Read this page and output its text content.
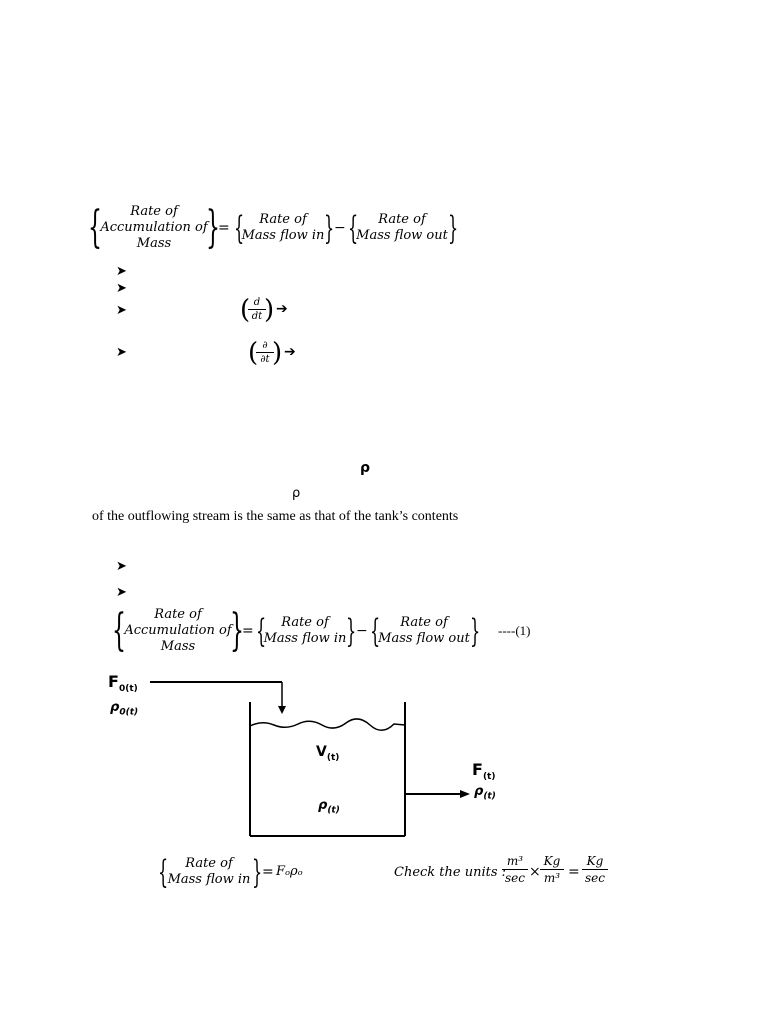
{	Rate of
Accumulation of
Mass }
= {	Rate of
Mass flow in } − {	Rate of
Mass flow out }
➤
➤
➤	( d
dt ) ➔
➤	( ∂
∂t ) ➔
ρ
ρ
of the outflowing stream is the same as that of the tank’s contents
➤
➤
{	Rate of
Accumulation of
Mass }
= {	Rate of
Mass flow in } − {	Rate of
Mass flow out } ----(1)
$F_{0(t)}$
$\rho_{0(t)}$
$V_{(t)}$
$\rho_{(t)}$
$F_{(t)}$
$\rho_{(t)}$
{	Rate of
Mass flow in } = Fₒρₒ	Check the units :
m³
sec ×
Kg
m³ =
Kg
sec
